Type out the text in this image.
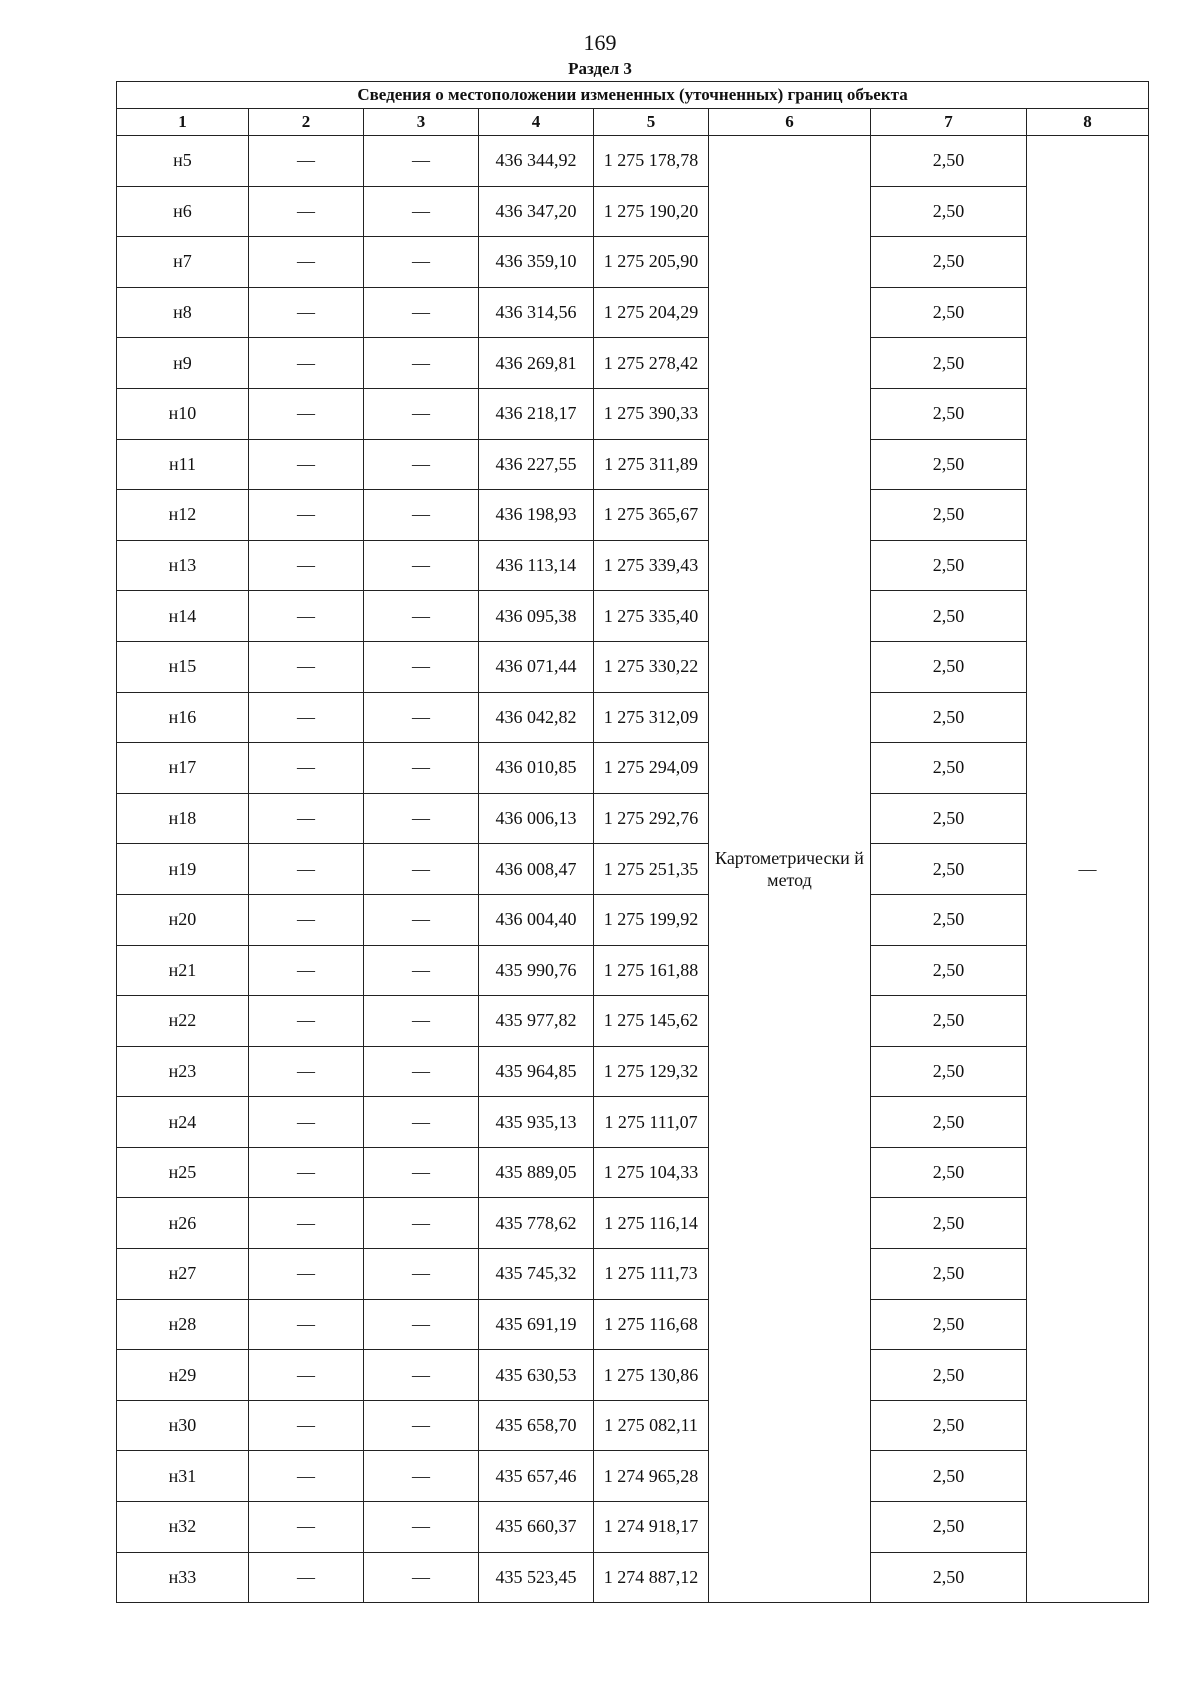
169
Раздел 3
Сведения о местоположении измененных (уточненных) границ объекта							
1	2	3	4	5	6	7	8
н5	—	—	436 344,92	1 275 178,78	Картометрически й метод	2,50	—
н6	—	—	436 347,20	1 275 190,20		2,50	
н7	—	—	436 359,10	1 275 205,90		2,50	
н8	—	—	436 314,56	1 275 204,29		2,50	
н9	—	—	436 269,81	1 275 278,42		2,50	
н10	—	—	436 218,17	1 275 390,33		2,50	
н11	—	—	436 227,55	1 275 311,89		2,50	
н12	—	—	436 198,93	1 275 365,67		2,50	
н13	—	—	436 113,14	1 275 339,43		2,50	
н14	—	—	436 095,38	1 275 335,40		2,50	
н15	—	—	436 071,44	1 275 330,22		2,50	
н16	—	—	436 042,82	1 275 312,09		2,50	
н17	—	—	436 010,85	1 275 294,09		2,50	
н18	—	—	436 006,13	1 275 292,76		2,50	
н19	—	—	436 008,47	1 275 251,35		2,50	
н20	—	—	436 004,40	1 275 199,92		2,50	
н21	—	—	435 990,76	1 275 161,88		2,50	
н22	—	—	435 977,82	1 275 145,62		2,50	
н23	—	—	435 964,85	1 275 129,32		2,50	
н24	—	—	435 935,13	1 275 111,07		2,50	
н25	—	—	435 889,05	1 275 104,33		2,50	
н26	—	—	435 778,62	1 275 116,14		2,50	
н27	—	—	435 745,32	1 275 111,73		2,50	
н28	—	—	435 691,19	1 275 116,68		2,50	
н29	—	—	435 630,53	1 275 130,86		2,50	
н30	—	—	435 658,70	1 275 082,11		2,50	
н31	—	—	435 657,46	1 274 965,28		2,50	
н32	—	—	435 660,37	1 274 918,17		2,50	
н33	—	—	435 523,45	1 274 887,12		2,50	
